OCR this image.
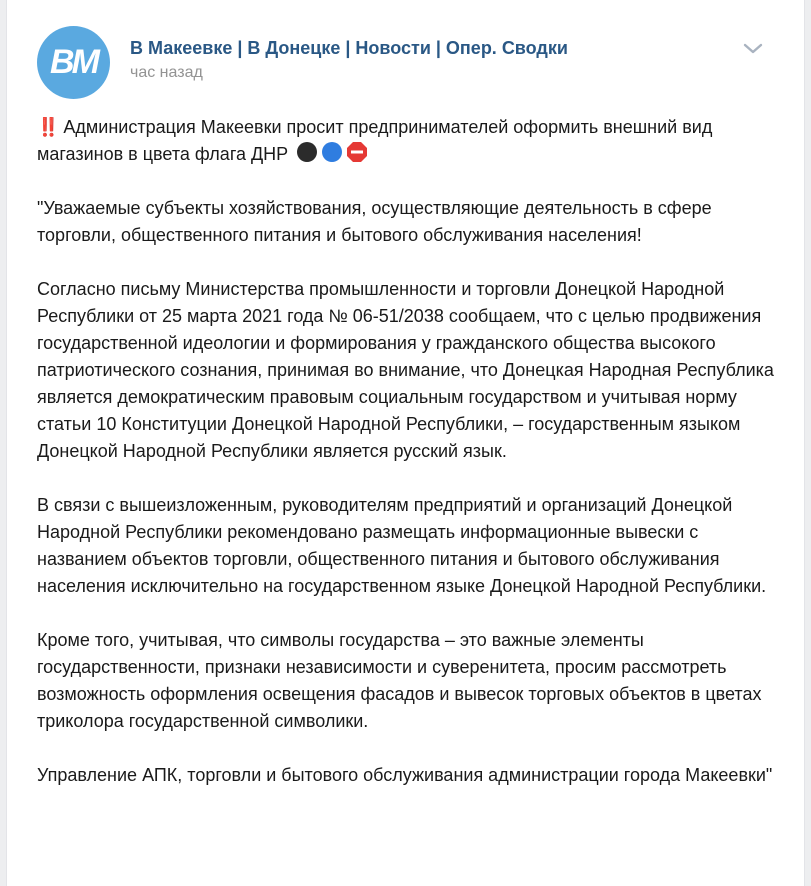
BM В Макеевке | В Донецке | Новости | Опер. Сводки
час назад

‼️ Администрация Макеевки просит предпринимателей оформить внешний вид магазинов в цвета флага ДНР

"Уважаемые субъекты хозяйствования, осуществляющие деятельность в сфере торговли, общественного питания и бытового обслуживания населения!

Согласно письму Министерства промышленности и торговли Донецкой Народной Республики от 25 марта 2021 года № 06-51/2038 сообщаем, что с целью продвижения государственной идеологии и формирования у гражданского общества высокого патриотического сознания, принимая во внимание, что Донецкая Народная Республика является демократическим правовым социальным государством и учитывая норму статьи 10 Конституции Донецкой Народной Республики, – государственным языком Донецкой Народной Республики является русский язык.

В связи с вышеизложенным, руководителям предприятий и организаций Донецкой Народной Республики рекомендовано размещать информационные вывески с названием объектов торговли, общественного питания и бытового обслуживания населения исключительно на государственном языке Донецкой Народной Республики.

Кроме того, учитывая, что символы государства – это важные элементы государственности, признаки независимости и суверенитета, просим рассмотреть возможность оформления освещения фасадов и вывесок торговых объектов в цветах триколора государственной символики.

Управление АПК, торговли и бытового обслуживания администрации города Макеевки"
